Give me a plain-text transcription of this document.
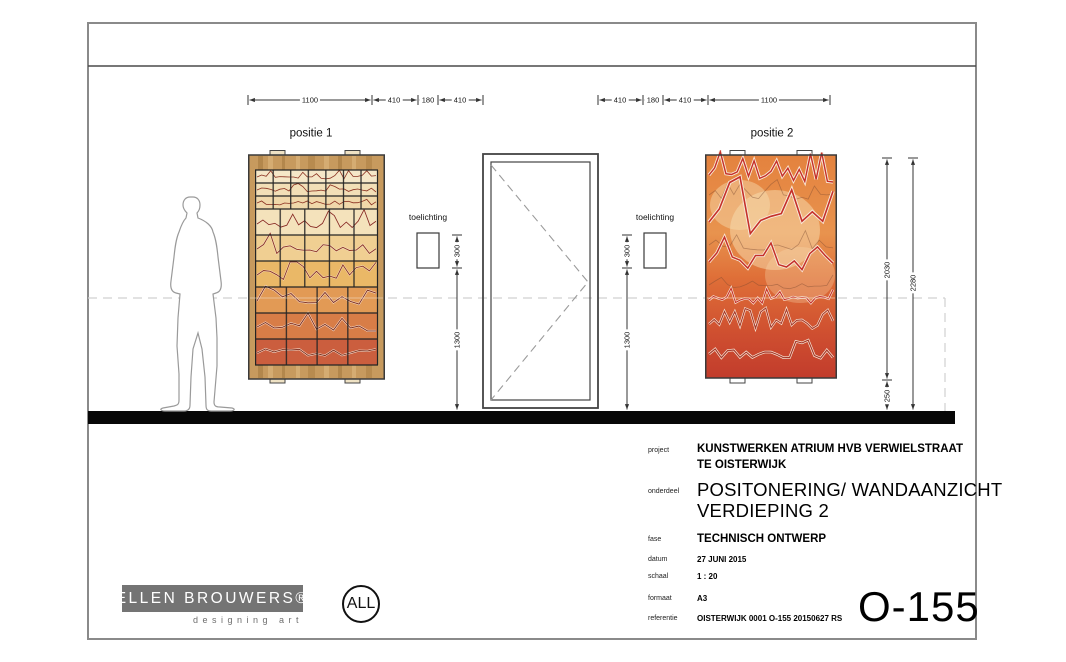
positie 1	positie 2
toelichting	toelichting
1100	410	180	410	410	180	410	1100
300
1300
300
1300
2030
250
2280
project KUNSTWERKEN ATRIUM HVB VERWIELSTRAAT
TE OISTERWIJK
onderdeel POSITONERING/ WANDAANZICHT
VERDIEPING 2
fase	TECHNISCH ONTWERP
datum	27 JUNI 2015
schaal	1 : 20
formaat	A3
referentie OISTERWIJK 0001 O-155 20150627 RS O-155
ELLEN BROUWERS®
designing art
ALL
